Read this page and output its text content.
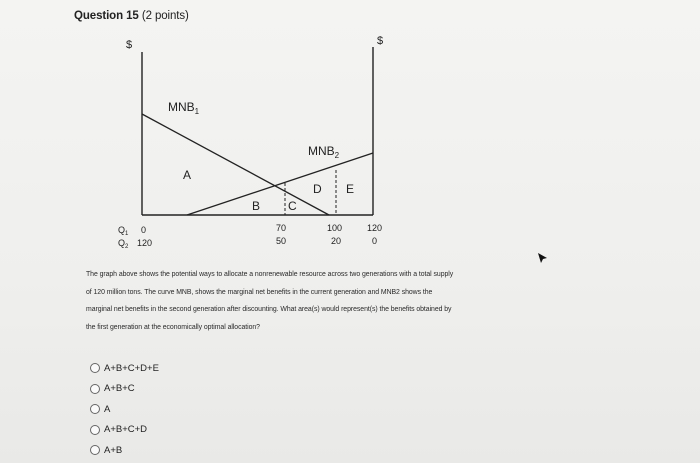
Question 15 (2 points)
$	$
$MNB_1$
$MNB_2$
A
B C
D E
$Q_1$
$Q_2$
0	70	100	120
120	50	20	0
The graph above shows the potential ways to allocate a nonrenewable resource across two generations with a total supply of 120 million tons. The curve MNB, shows the marginal net benefits in the current generation and MNB2 shows the marginal net benefits in the second generation after discounting. What area(s) would represent(s) the benefits obtained by the first generation at the economically optimal allocation?
A+B+C+D+E
A+B+C
A
A+B+C+D
A+B
